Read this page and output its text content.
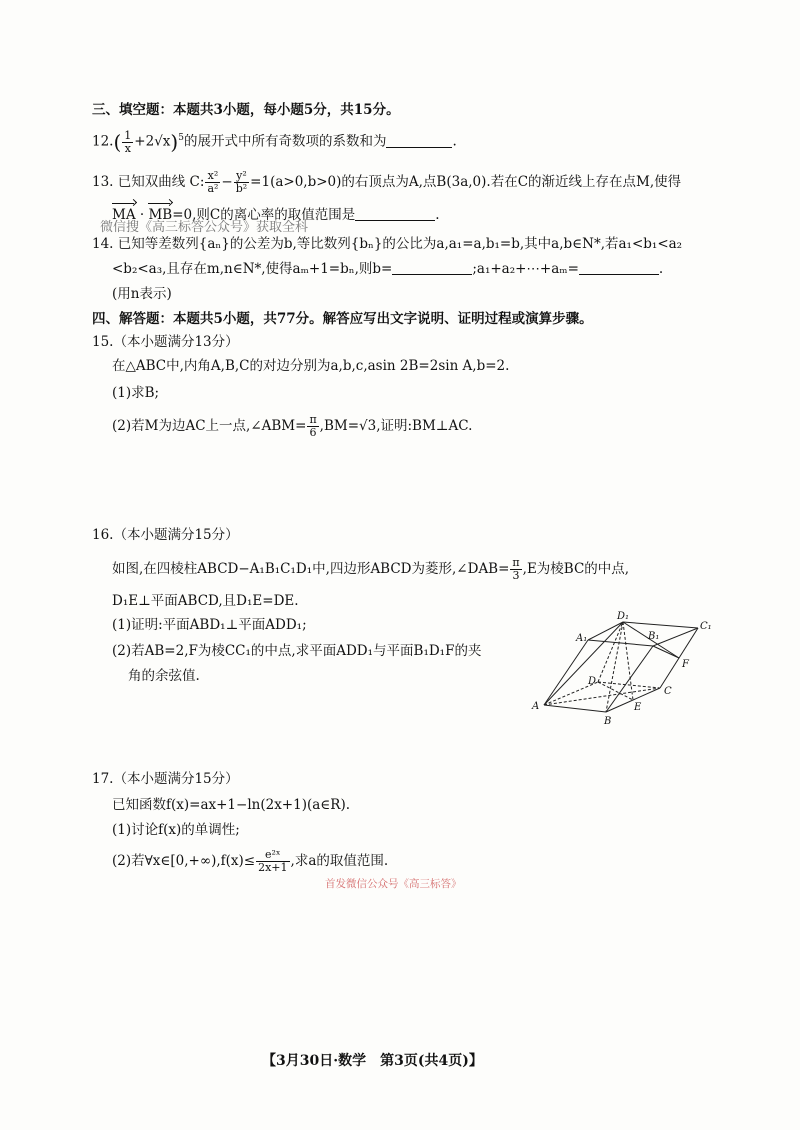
三、填空题：本题共3小题，每小题5分，共15分。
$12.( \frac{1}{x} +2√x)^5$的展开式中所有奇数项的系数和为	.
13. 已知双曲线 C: $\frac{\text{x²}}{\text{a²}} - \frac{\text{y²}}{\text{b²}} =1(a>0,b>0)$的右顶点为A,点B(3a,0).若在C的渐近线上存在点M,使得
MA · MB=0,则C的离心率的取值范围是	.
微信搜《高三标答公众号》获取全科
14. 已知等差数列{aₙ}的公差为b,等比数列{bₙ}的公比为a,a₁=a,b₁=b,其中a,b∈N*,若a₁<b₁<a₂
<b₂<a₃,且存在m,n∈N*,使得aₘ+1=bₙ,则b=	;a₁+a₂+⋯+aₘ=	.
(用n表示)
四、解答题：本题共5小题，共77分。解答应写出文字说明、证明过程或演算步骤。
15.（本小题满分13分）
在△ABC中,内角A,B,C的对边分别为a,b,c,asin 2B=2sin A,b=2.
(1)求B;
(2)若M为边AC上一点,∠ABM= $\frac{\pi}{6} ,BM=√3$,证明:BM⊥AC.
16.（本小题满分15分）
如图,在四棱柱ABCD−A₁B₁C₁D₁中,四边形ABCD为菱形,∠DAB= $\frac{\pi}{3} ,E$为棱BC的中点,
D₁E⊥平面ABCD,且D₁E=DE.
(1)证明:平面ABD₁⊥平面ADD₁;
(2)若AB=2,F为棱CC₁的中点,求平面ADD₁与平面B₁D₁F的夹
角的余弦值.
D₁
C₁
A₁	B₁
F
D
C
A	E
B
17.（本小题满分15分）
已知函数f(x)=ax+1−ln(2x+1)(a∈R).
(1)讨论f(x)的单调性;
(2)若∀x∈[0,+∞),f(x)≤ $\frac{\text{e²ˣ}}{2x+1}$ ,求a的取值范围.
首发微信公众号《高三标答》
【3月30日·数学　第3页(共4页)】
